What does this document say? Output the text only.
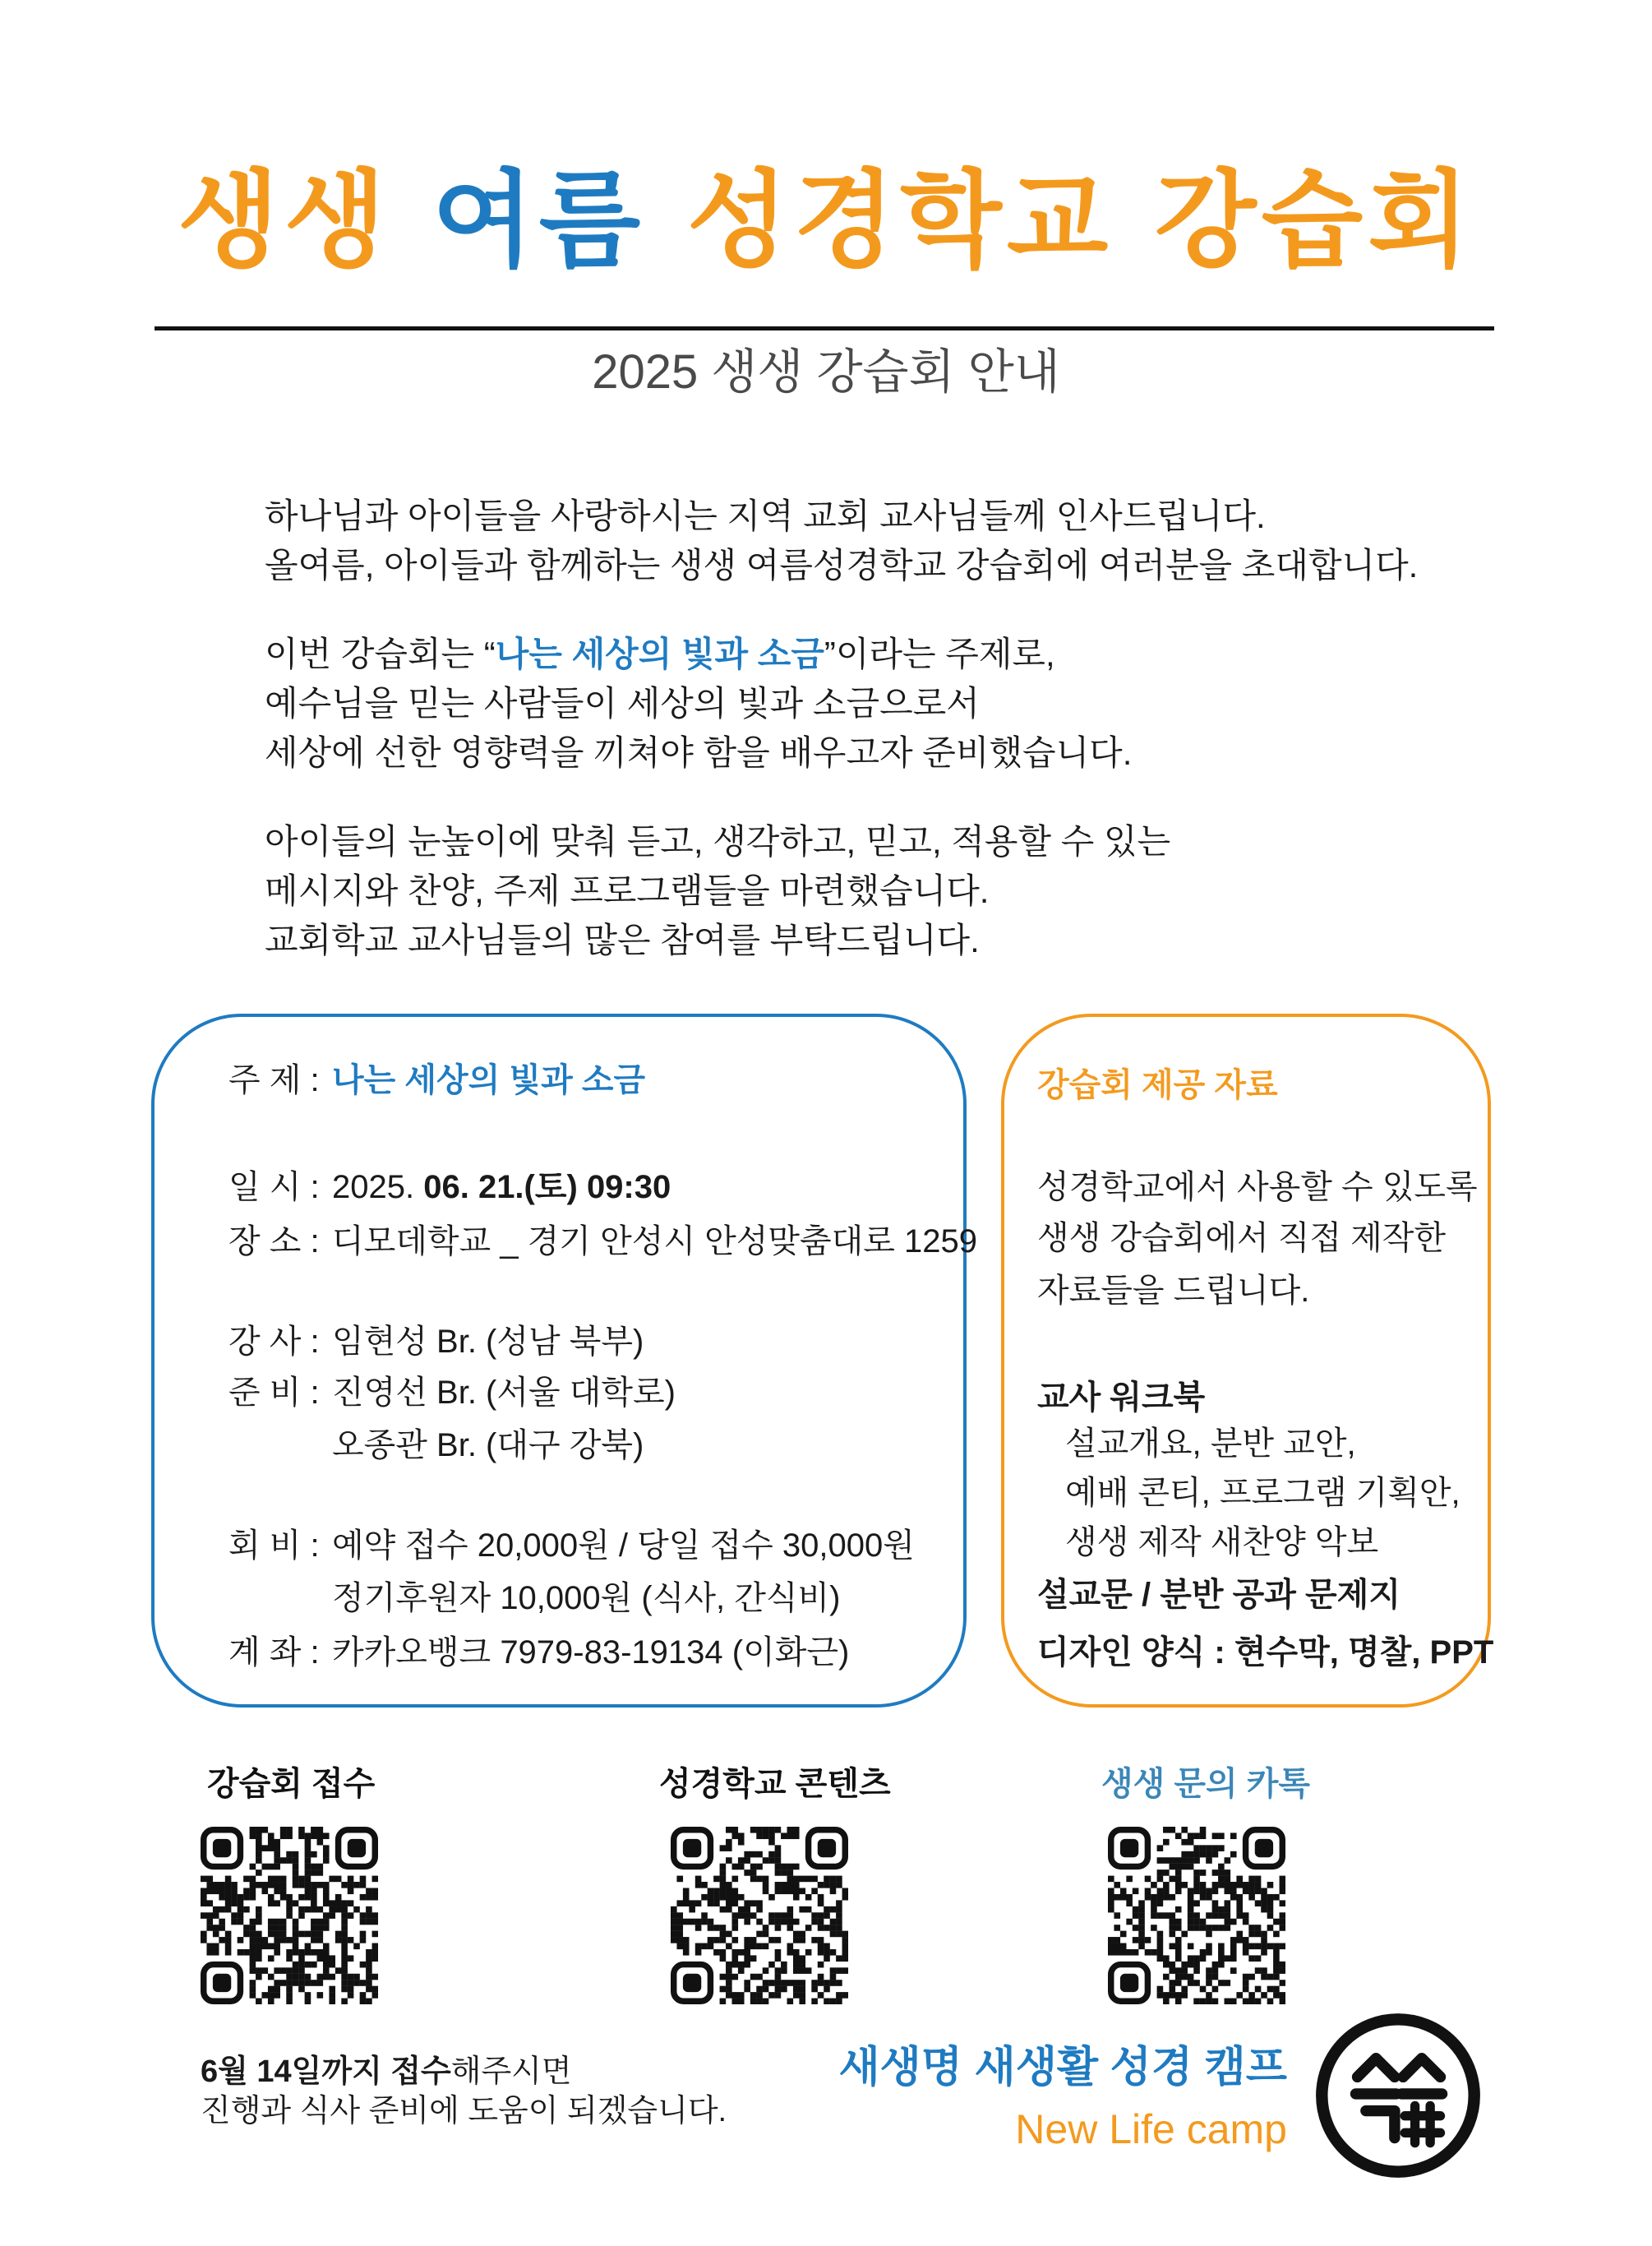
생생 여름 성경학교 강습회
2025 생생 강습회 안내

하나님과 아이들을 사랑하시는 지역 교회 교사님들께 인사드립니다.
올여름, 아이들과 함께하는 생생 여름성경학교 강습회에 여러분을 초대합니다.

이번 강습회는 “나는 세상의 빛과 소금”이라는 주제로,
예수님을 믿는 사람들이 세상의 빛과 소금으로서
세상에 선한 영향력을 끼쳐야 함을 배우고자 준비했습니다.

아이들의 눈높이에 맞춰 듣고, 생각하고, 믿고, 적용할 수 있는
메시지와 찬양, 주제 프로그램들을 마련했습니다.
교회학교 교사님들의 많은 참여를 부탁드립니다.

주 제 : 나는 세상의 빛과 소금
일 시 : 2025. 06. 21.(토) 09:30
장 소 : 디모데학교 _ 경기 안성시 안성맞춤대로 1259
강 사 : 임현성 Br. (성남 북부)
준 비 : 진영선 Br. (서울 대학로)
오종관 Br. (대구 강북)
회 비 : 예약 접수 20,000원 / 당일 접수 30,000원
정기후원자 10,000원 (식사, 간식비)
계 좌 : 카카오뱅크 7979-83-19134 (이화근)
강습회 제공 자료
성경학교에서 사용할 수 있도록
생생 강습회에서 직접 제작한
자료들을 드립니다.
교사 워크북
설교개요, 분반 교안,
예배 콘티, 프로그램 기획안,
생생 제작 새찬양 악보
설교문 / 분반 공과 문제지
디자인 양식 : 현수막, 명찰, PPT
강습회 접수	성경학교 콘텐츠	생생 문의 카톡
6월 14일까지 접수해주시면
진행과 식사 준비에 도움이 되겠습니다.
새생명 새생활 성경 캠프
New Life camp
